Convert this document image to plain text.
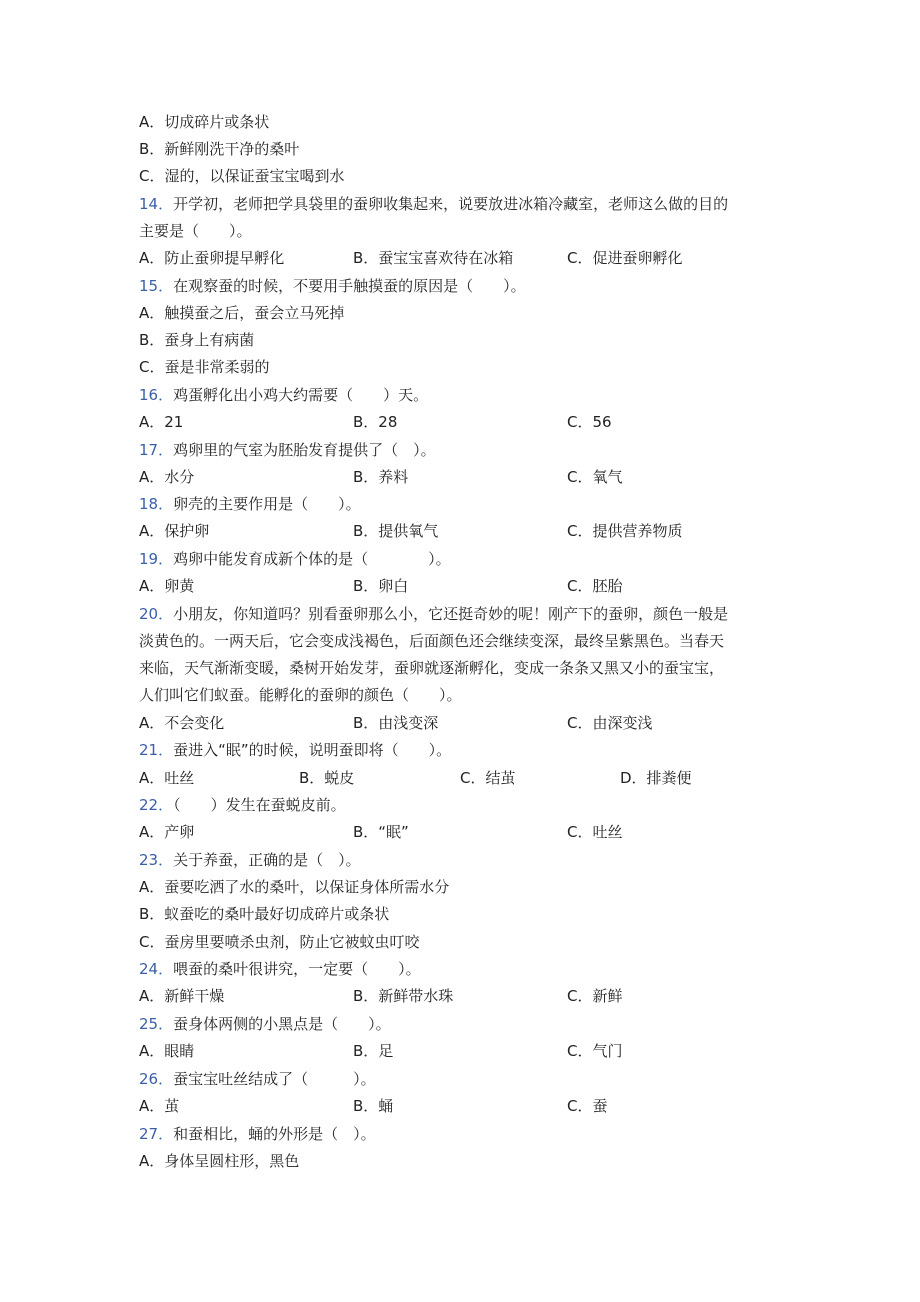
A．切成碎片或条状
B．新鲜刚洗干净的桑叶
C．湿的，以保证蚕宝宝喝到水
14．开学初，老师把学具袋里的蚕卵收集起来，说要放进冰箱冷藏室，老师这么做的目的
主要是（　　）。
A．防止蚕卵提早孵化	B．蚕宝宝喜欢待在冰箱	C．促进蚕卵孵化
15．在观察蚕的时候，不要用手触摸蚕的原因是（　　）。
A．触摸蚕之后，蚕会立马死掉
B．蚕身上有病菌
C．蚕是非常柔弱的
16．鸡蛋孵化出小鸡大约需要（　　）天。
A．21	B．28	C．56
17．鸡卵里的气室为胚胎发育提供了（　）。
A．水分	B．养料	C．氧气
18．卵壳的主要作用是（　　）。
A．保护卵	B．提供氧气	C．提供营养物质
19．鸡卵中能发育成新个体的是（　　　　）。
A．卵黄	B．卵白	C．胚胎
20．小朋友，你知道吗？别看蚕卵那么小，它还挺奇妙的呢！刚产下的蚕卵，颜色一般是
淡黄色的。一两天后，它会变成浅褐色，后面颜色还会继续变深，最终呈紫黑色。当春天
来临，天气渐渐变暖，桑树开始发芽，蚕卵就逐渐孵化，变成一条条又黑又小的蚕宝宝，
人们叫它们蚁蚕。能孵化的蚕卵的颜色（　　）。
A．不会变化	B．由浅变深	C．由深变浅
21．蚕进入“眠”的时候，说明蚕即将（　　）。
A．吐丝	B．蜕皮	C．结茧	D．排粪便
22．（　　）发生在蚕蜕皮前。
A．产卵	B．“眠”	C．吐丝
23．关于养蚕，正确的是（　）。
A．蚕要吃洒了水的桑叶，以保证身体所需水分
B．蚁蚕吃的桑叶最好切成碎片或条状
C．蚕房里要喷杀虫剂，防止它被蚊虫叮咬
24．喂蚕的桑叶很讲究，一定要（　　）。
A．新鲜干燥	B．新鲜带水珠	C．新鲜
25．蚕身体两侧的小黑点是（　　）。
A．眼睛	B．足	C．气门
26．蚕宝宝吐丝结成了（　　　）。
A．茧	B．蛹	C．蚕
27．和蚕相比，蛹的外形是（　）。
A．身体呈圆柱形，黑色
